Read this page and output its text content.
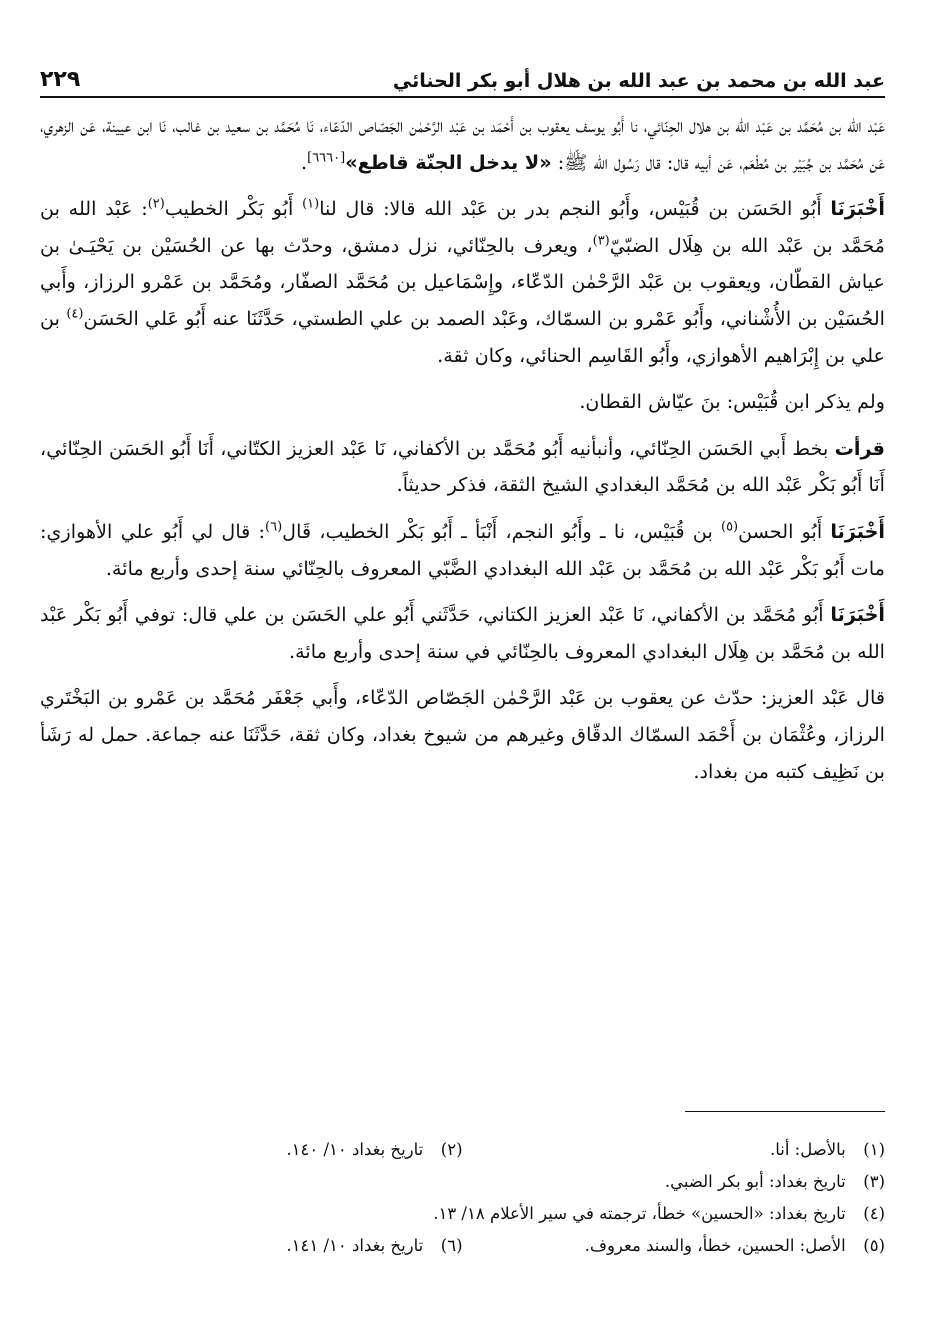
٢٢٩	عبد الله بن محمد بن عبد الله بن هلال أبو بكر الحنائي

عَبْد الله بن مُحَمَّد بن عَبْد الله بن هلال الحِنّائي، نا أَبُو يوسف يعقوب بن أَحْمَد بن عَبْد الرَّحْمٰن الجَصّاص الدّعّاء، نَا مُحَمَّد بن سعيد بن غالب، نَا ابن عيينة، عَن الزهري، عَن مُحَمَّد بن جُبَيْر بن مُطْعَم، عَن أبيه قال: قال رَسُول الله ﷺ: «لا يدخل الجنّة قاطع»[٦٦٦٠].

أَخْبَرَنَا أَبُو الحَسَن بن قُبَيْس، وأَبُو النجم بدر بن عَبْد الله قالا: قال لنا$^{(١)}$ أَبُو بَكْر الخطيب$^{(٢)}$: عَبْد الله بن مُحَمَّد بن عَبْد الله بن هِلَال الضبّيّ$^{(٣)}$، ويعرف بالحِنّائي، نزل دمشق، وحدّث بها عن الحُسَيْن بن يَحْيَـىٰ بن عياش القطّان، ويعقوب بن عَبْد الرَّحْمٰن الدّعّاء، وإِسْمَاعيل بن مُحَمَّد الصفّار، ومُحَمَّد بن عَمْرو الرزاز، وأَبي الحُسَيْن بن الأُشْناني، وأَبُو عَمْرو بن السمّاك، وعَبْد الصمد بن علي الطستي، حَدَّثَنَا عنه أَبُو عَلي الحَسَن$^{(٤)}$ بن علي بن إِبْرَاهيم الأهوازي، وأَبُو القَاسِم الحنائي، وكان ثقة.

ولم يذكر ابن قُبَيْس: بنَ عيّاش القطان.

قرأت بخط أَبي الحَسَن الحِنّائي، وأنبأنيه أَبُو مُحَمَّد بن الأكفاني، نَا عَبْد العزيز الكتّاني، أَنَا أَبُو الحَسَن الحِنّائي، أَنَا أَبُو بَكْر عَبْد الله بن مُحَمَّد البغدادي الشيخ الثقة، فذكر حديثاً.

أَخْبَرَنَا أَبُو الحسن$^{(٥)}$ بن قُبَيْس، نا ـ وأَبُو النجم، أَنْبَأ ـ أَبُو بَكْر الخطيب، قَال$^{(٦)}$: قال لي أَبُو علي الأهوازي: مات أَبُو بَكْر عَبْد الله بن مُحَمَّد بن عَبْد الله البغدادي الضَّبّي المعروف بالحِنّائي سنة إحدى وأربع مائة.

أَخْبَرَنَا أَبُو مُحَمَّد بن الأكفاني، نَا عَبْد العزيز الكتاني، حَدَّثَني أَبُو علي الحَسَن بن علي قال: توفي أَبُو بَكْر عَبْد الله بن مُحَمَّد بن هِلَال البغدادي المعروف بالحِنّائي في سنة إحدى وأربع مائة.

قال عَبْد العزيز: حدّث عن يعقوب بن عَبْد الرَّحْمٰن الجَصّاص الدّعّاء، وأَبي جَعْفَر مُحَمَّد بن عَمْرو بن البَخْتَري الرزاز، وعُثْمَان بن أَحْمَد السمّاك الدقّاق وغيرهم من شيوخ بغداد، وكان ثقة، حَدَّثَنَا عنه جماعة. حمل له رَشَأ بن نَظِيف كتبه من بغداد.

(١) بالأصل: أنا.
(٢) تاريخ بغداد ١٠/ ١٤٠.
(٣) تاريخ بغداد: أبو بكر الضبي.
(٤) تاريخ بغداد: «الحسين» خطأ، ترجمته في سير الأعلام ١٨/ ١٣.
(٥) الأصل: الحسين، خطأ، والسند معروف.
(٦) تاريخ بغداد ١٠/ ١٤١.
